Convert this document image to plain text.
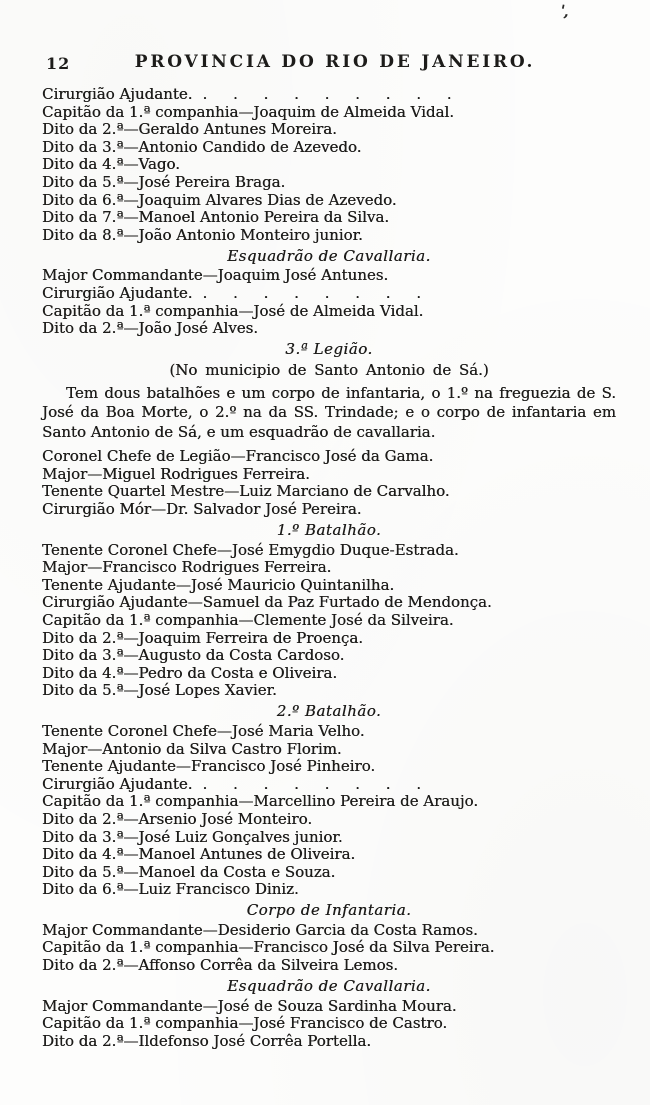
',
12	PROVINCIA DO RIO DE JANEIRO.
Cirurgião Ajudante. . . . . . . . . .
Capitão da 1.ª companhia—Joaquim de Almeida Vidal.
Dito da 2.ª—Geraldo Antunes Moreira.
Dito da 3.ª—Antonio Candido de Azevedo.
Dito da 4.ª—Vago.
Dito da 5.ª—José Pereira Braga.
Dito da 6.ª—Joaquim Alvares Dias de Azevedo.
Dito da 7.ª—Manoel Antonio Pereira da Silva.
Dito da 8.ª—João Antonio Monteiro junior.
Esquadrão de Cavallaria.
Major Commandante—Joaquim José Antunes.
Cirurgião Ajudante. . . . . . . . .
Capitão da 1.ª companhia—José de Almeida Vidal.
Dito da 2.ª—João José Alves.
3.ª Legião.
(No municipio de Santo Antonio de Sá.)
Tem dous batalhões e um corpo de infantaria, o 1.º na freguezia de S. José da Boa Morte, o 2.º na da SS. Trindade; e o corpo de infantaria em Santo Antonio de Sá, e um esquadrão de cavallaria.
Coronel Chefe de Legião—Francisco José da Gama.
Major—Miguel Rodrigues Ferreira.
Tenente Quartel Mestre—Luiz Marciano de Carvalho.
Cirurgião Mór—Dr. Salvador José Pereira.
1.º Batalhão.
Tenente Coronel Chefe—José Emygdio Duque-Estrada.
Major—Francisco Rodrigues Ferreira.
Tenente Ajudante—José Mauricio Quintanilha.
Cirurgião Ajudante—Samuel da Paz Furtado de Mendonça.
Capitão da 1.ª companhia—Clemente José da Silveira.
Dito da 2.ª—Joaquim Ferreira de Proença.
Dito da 3.ª—Augusto da Costa Cardoso.
Dito da 4.ª—Pedro da Costa e Oliveira.
Dito da 5.ª—José Lopes Xavier.
2.º Batalhão.
Tenente Coronel Chefe—José Maria Velho.
Major—Antonio da Silva Castro Florim.
Tenente Ajudante—Francisco José Pinheiro.
Cirurgião Ajudante. . . . . . . . .
Capitão da 1.ª companhia—Marcellino Pereira de Araujo.
Dito da 2.ª—Arsenio José Monteiro.
Dito da 3.ª—José Luiz Gonçalves junior.
Dito da 4.ª—Manoel Antunes de Oliveira.
Dito da 5.ª—Manoel da Costa e Souza.
Dito da 6.ª—Luiz Francisco Diniz.
Corpo de Infantaria.
Major Commandante—Desiderio Garcia da Costa Ramos.
Capitão da 1.ª companhia—Francisco José da Silva Pereira.
Dito da 2.ª—Affonso Corrêa da Silveira Lemos.
Esquadrão de Cavallaria.
Major Commandante—José de Souza Sardinha Moura.
Capitão da 1.ª companhia—José Francisco de Castro.
Dito da 2.ª—Ildefonso José Corrêa Portella.
